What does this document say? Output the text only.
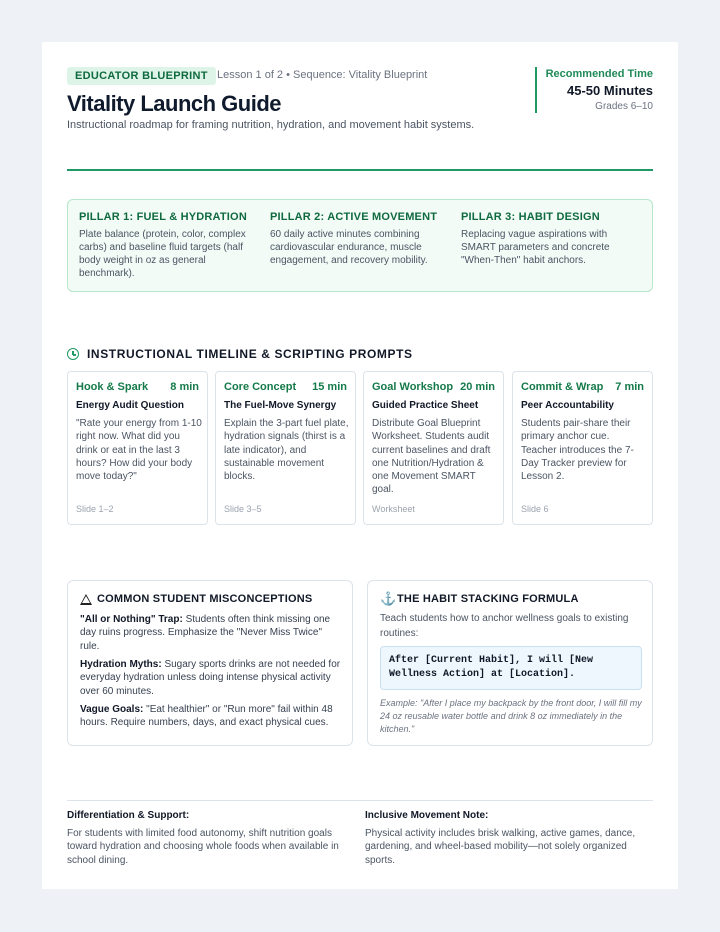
EDUCATOR BLUEPRINT Lesson 1 of 2 • Sequence: Vitality Blueprint
Vitality Launch Guide

Instructional roadmap for framing nutrition, hydration, and movement habit systems.

Recommended Time
45-50 Minutes
Grades 6–10
PILLAR 1: FUEL & HYDRATION
Plate balance (protein, color, complex carbs) and baseline fluid targets (half body weight in oz as general benchmark).
PILLAR 2: ACTIVE MOVEMENT
60 daily active minutes combining cardiovascular endurance, muscle engagement, and recovery mobility.
PILLAR 3: HABIT DESIGN
Replacing vague aspirations with SMART parameters and concrete "When-Then" habit anchors.
INSTRUCTIONAL TIMELINE & SCRIPTING PROMPTS
Hook & Spark 8 min
Energy Audit Question
"Rate your energy from 1-10 right now. What did you drink or eat in the last 3 hours? How did your body move today?"
Slide 1–2
Core Concept 15 min
The Fuel-Move Synergy
Explain the 3-part fuel plate, hydration signals (thirst is a late indicator), and sustainable movement blocks.
Slide 3–5
Goal Workshop 20 min
Guided Practice Sheet
Distribute Goal Blueprint Worksheet. Students audit current baselines and draft one Nutrition/Hydration & one Movement SMART goal.
Worksheet
Commit & Wrap 7 min
Peer Accountability
Students pair-share their primary anchor cue. Teacher introduces the 7-Day Tracker preview for Lesson 2.
Slide 6
COMMON STUDENT MISCONCEPTIONS

"All or Nothing" Trap: Students often think missing one day ruins progress. Emphasize the "Never Miss Twice" rule.

Hydration Myths: Sugary sports drinks are not needed for everyday hydration unless doing intense physical activity over 60 minutes.

Vague Goals: "Eat healthier" or "Run more" fail within 48 hours. Require numbers, days, and exact physical cues.

⚓ THE HABIT STACKING FORMULA

Teach students how to anchor wellness goals to existing routines:

After [Current Habit], I will [New Wellness Action] at [Location].

Example: "After I place my backpack by the front door, I will fill my 24 oz reusable water bottle and drink 8 oz immediately in the kitchen."

Differentiation & Support:
For students with limited food autonomy, shift nutrition goals toward hydration and choosing whole foods when available in school dining.
Inclusive Movement Note:
Physical activity includes brisk walking, active games, dance, gardening, and wheel-based mobility—not solely organized sports.
